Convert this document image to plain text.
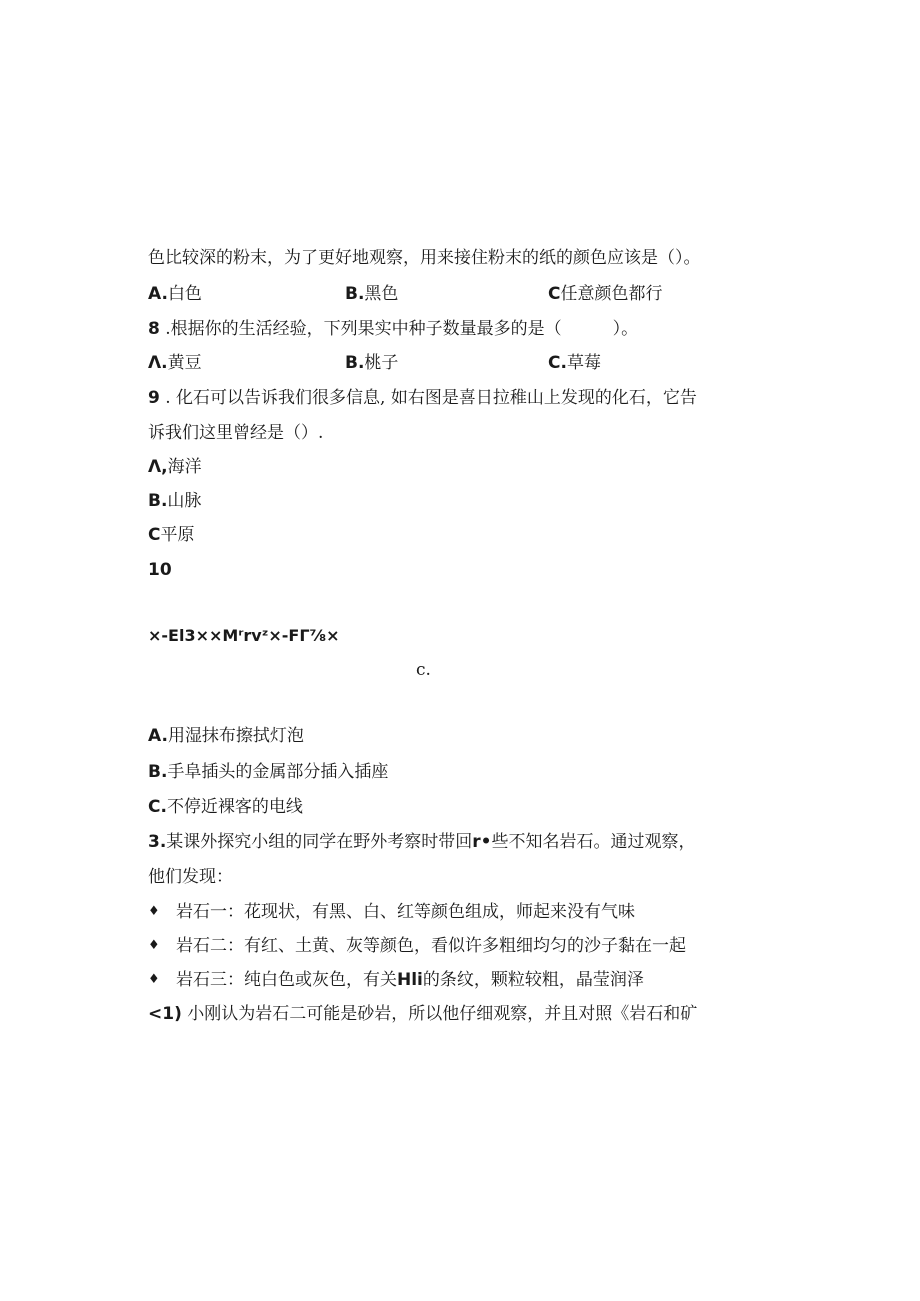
色比较深的粉末，为了更好地观察，用来接住粉末的纸的颜色应该是（）。
A.白色	B.黑色	C任意颜色都行
8 .根据你的生活经验，下列果实中种子数量最多的是（　　　）。
Λ.黄豆	B.桃子	C.草莓
9 . 化石可以告诉我们很多信息, 如右图是喜日拉稚山上发现的化石，它告
诉我们这里曾经是（）.
Λ,海洋
B.山脉
C平原
10
×-El3××Mʳrvᶻ×-FΓ⅞×
c.
A.用湿抹布擦拭灯泡
B.手阜插头的金属部分插入插座
C.不停近裸客的电线
3.某课外探究小组的同学在野外考察时带回r•些不知名岩石。通过观察，
他们发现：
♦ 岩石一：花现状，有黑、白、红等颜色组成，师起来没有气味
♦ 岩石二：有红、土黄、灰等颜色，看似许多粗细均匀的沙子黏在一起
♦ 岩石三：纯白色或灰色，有关Hli的条纹，颗粒较粗，晶莹润泽
<1) 小刚认为岩石二可能是砂岩，所以他仔细观察，并且对照《岩石和矿
